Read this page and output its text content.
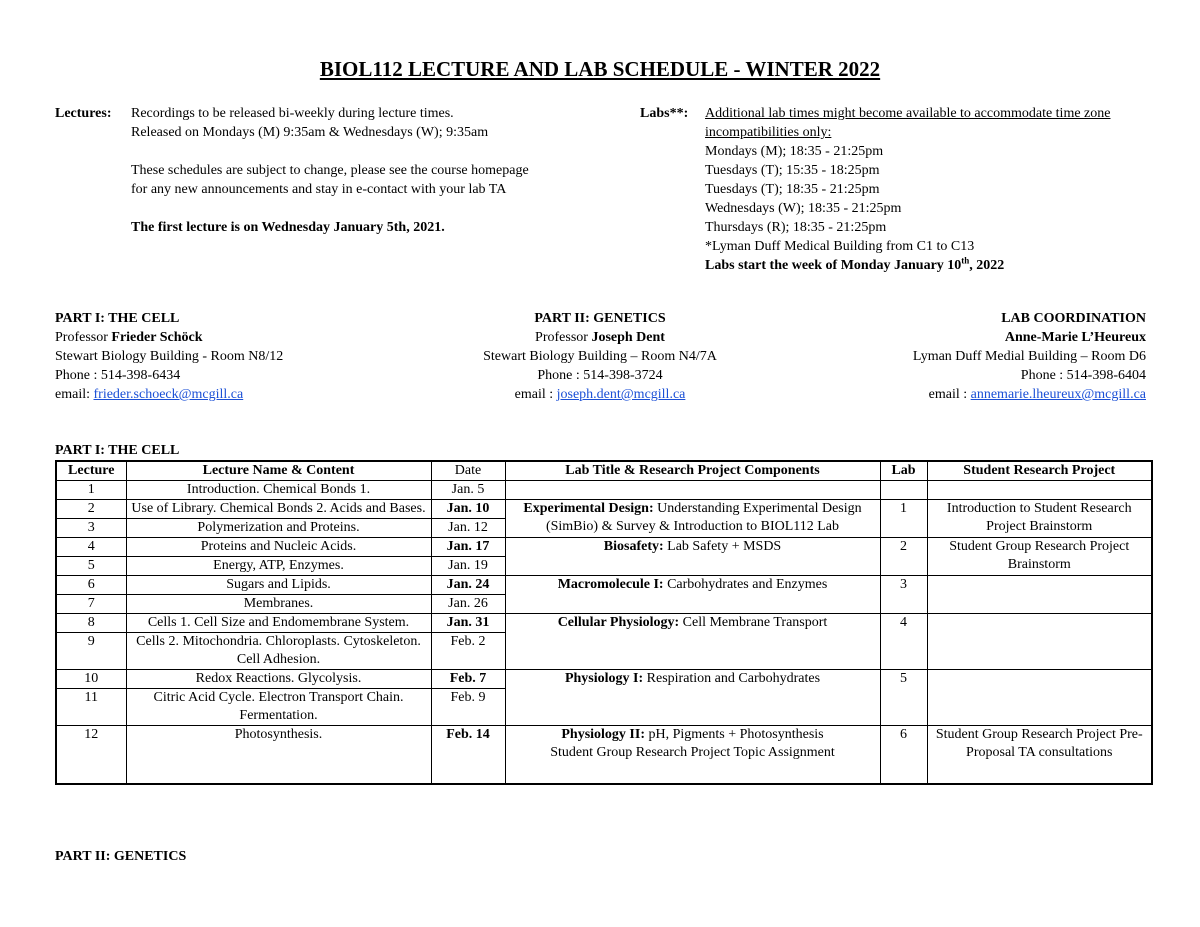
BIOL112 LECTURE AND LAB SCHEDULE - WINTER 2022
Lectures: Recordings to be released bi-weekly during lecture times.
Released on Mondays (M) 9:35am & Wednesdays (W); 9:35am
These schedules are subject to change, please see the course homepage
for any new announcements and stay in e-contact with your lab TA
The first lecture is on Wednesday January 5th, 2021.
Labs**: Additional lab times might become available to accommodate time zone incompatibilities only:
Mondays (M); 18:35 - 21:25pm
Tuesdays (T); 15:35 - 18:25pm
Tuesdays (T); 18:35 - 21:25pm
Wednesdays (W); 18:35 - 21:25pm
Thursdays (R); 18:35 - 21:25pm
*Lyman Duff Medical Building from C1 to C13
Labs start the week of Monday January 10th, 2022
PART I: THE CELL
Professor Frieder Schöck
Stewart Biology Building - Room N8/12
Phone : 514-398-6434
email: frieder.schoeck@mcgill.ca
PART II: GENETICS
Professor Joseph Dent
Stewart Biology Building – Room N4/7A
Phone : 514-398-3724
email : joseph.dent@mcgill.ca
LAB COORDINATION
Anne-Marie L’Heureux
Lyman Duff Medial Building – Room D6
Phone : 514-398-6404
email : annemarie.lheureux@mcgill.ca
PART I: THE CELL
Lecture	Lecture Name & Content	Date	Lab Title & Research Project Components	Lab	Student Research Project
1	Introduction. Chemical Bonds 1.	Jan. 5			
2	Use of Library. Chemical Bonds 2. Acids and Bases.	Jan. 10	Experimental Design: Understanding Experimental Design (SimBio) & Survey & Introduction to BIOL112 Lab	1	Introduction to Student Research Project Brainstorm
3	Polymerization and Proteins.	Jan. 12			
4	Proteins and Nucleic Acids.	Jan. 17	Biosafety: Lab Safety + MSDS	2	Student Group Research Project Brainstorm
5	Energy, ATP, Enzymes.	Jan. 19			
6	Sugars and Lipids.	Jan. 24	Macromolecule I: Carbohydrates and Enzymes	3	
7	Membranes.	Jan. 26			
8	Cells 1. Cell Size and Endomembrane System.	Jan. 31	Cellular Physiology: Cell Membrane Transport	4	
9	Cells 2. Mitochondria. Chloroplasts. Cytoskeleton. Cell Adhesion.	Feb. 2			
10	Redox Reactions. Glycolysis.	Feb. 7	Physiology I: Respiration and Carbohydrates	5	
11	Citric Acid Cycle. Electron Transport Chain. Fermentation.	Feb. 9			
12	Photosynthesis.	Feb. 14	Physiology II: pH, Pigments + Photosynthesis
Student Group Research Project Topic Assignment	6	Student Group Research Project Pre-Proposal TA consultations
PART II: GENETICS
